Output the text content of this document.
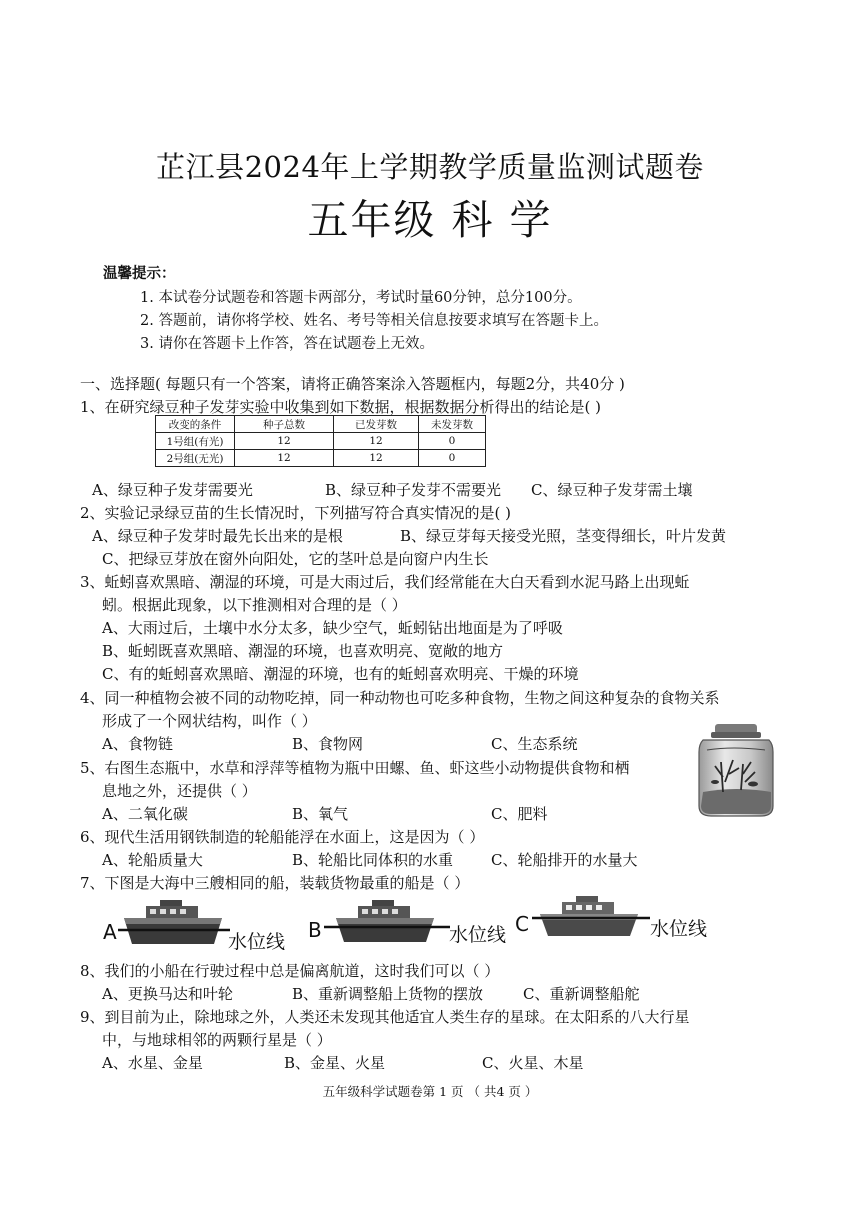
芷江县2024年上学期教学质量监测试题卷
五年级 科 学
温馨提示：
1. 本试卷分试题卷和答题卡两部分，考试时量60分钟，总分100分。
2. 答题前，请你将学校、姓名、考号等相关信息按要求填写在答题卡上。
3. 请你在答题卡上作答，答在试题卷上无效。
一、选择题( 每题只有一个答案，请将正确答案涂入答题框内，每题2分，共40分 )
1、在研究绿豆种子发芽实验中收集到如下数据，根据数据分析得出的结论是( )
改变的条件	种子总数	已发芽数	未发芽数
1号组(有光)	12	12	0
2号组(无光)	12	12	0
A、绿豆种子发芽需要光	B、绿豆种子发芽不需要光 C、绿豆种子发芽需土壤
2、实验记录绿豆苗的生长情况时，下列描写符合真实情况的是( )
A、绿豆种子发芽时最先长出来的是根	B、绿豆芽每天接受光照，茎变得细长，叶片发黄
C、把绿豆芽放在窗外向阳处，它的茎叶总是向窗户内生长
3、蚯蚓喜欢黑暗、潮湿的环境，可是大雨过后，我们经常能在大白天看到水泥马路上出现蚯
蚓。根据此现象，以下推测相对合理的是（ ）
A、大雨过后，土壤中水分太多，缺少空气，蚯蚓钻出地面是为了呼吸
B、蚯蚓既喜欢黑暗、潮湿的环境，也喜欢明亮、宽敞的地方
C、有的蚯蚓喜欢黑暗、潮湿的环境，也有的蚯蚓喜欢明亮、干燥的环境
4、同一种植物会被不同的动物吃掉，同一种动物也可吃多种食物，生物之间这种复杂的食物关系
形成了一个网状结构，叫作（ ）
A、食物链	B、食物网	C、生态系统
5、右图生态瓶中，水草和浮萍等植物为瓶中田螺、鱼、虾这些小动物提供食物和栖
息地之外，还提供（ ）
A、二氧化碳	B、氧气	C、肥料
6、现代生活用钢铁制造的轮船能浮在水面上，这是因为（ ）
A、轮船质量大	B、轮船比同体积的水重	C、轮船排开的水量大
7、下图是大海中三艘相同的船，装载货物最重的船是（ ）
A	水位线 B	水位线 C	水位线
8、我们的小船在行驶过程中总是偏离航道，这时我们可以（ ）
A、更换马达和叶轮	B、重新调整船上货物的摆放	C、重新调整船舵
9、到目前为止，除地球之外，人类还未发现其他适宜人类生存的星球。在太阳系的八大行星
中，与地球相邻的两颗行星是（ ）
A、水星、金星	B、金星、火星	C、火星、木星
五年级科学试题卷第 1 页 （ 共4 页 ）
